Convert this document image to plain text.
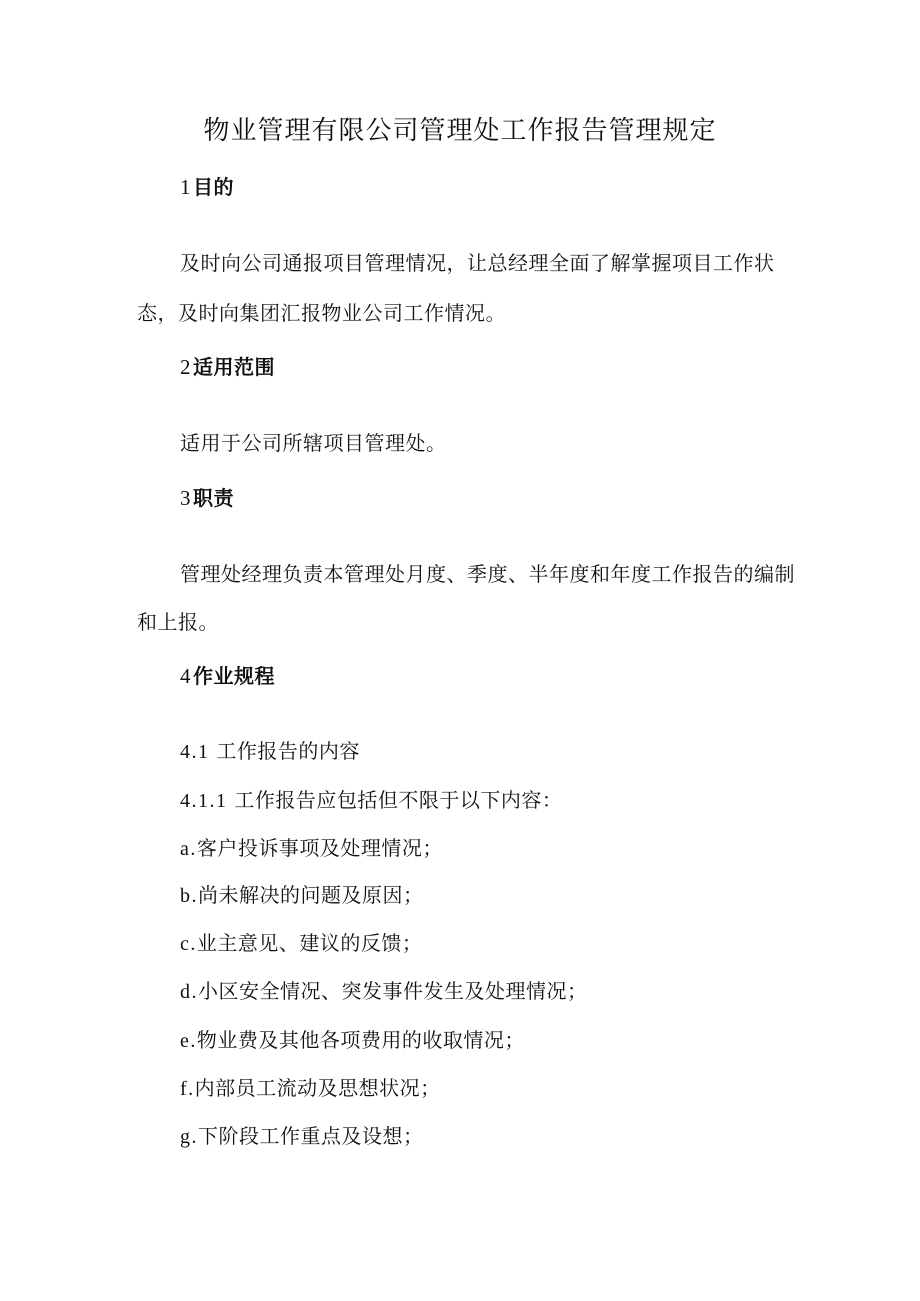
物业管理有限公司管理处工作报告管理规定
1 目的
及时向公司通报项目管理情况，让总经理全面了解掌握项目工作状
态，及时向集团汇报物业公司工作情况。
2 适用范围
适用于公司所辖项目管理处。
3 职责
管理处经理负责本管理处月度、季度、半年度和年度工作报告的编制
和上报。
4 作业规程
4.1 工作报告的内容
4.1.1 工作报告应包括但不限于以下内容：
a.客户投诉事项及处理情况；
b.尚未解决的问题及原因；
c.业主意见、建议的反馈；
d.小区安全情况、突发事件发生及处理情况；
e.物业费及其他各项费用的收取情况；
f.内部员工流动及思想状况；
g.下阶段工作重点及设想；
